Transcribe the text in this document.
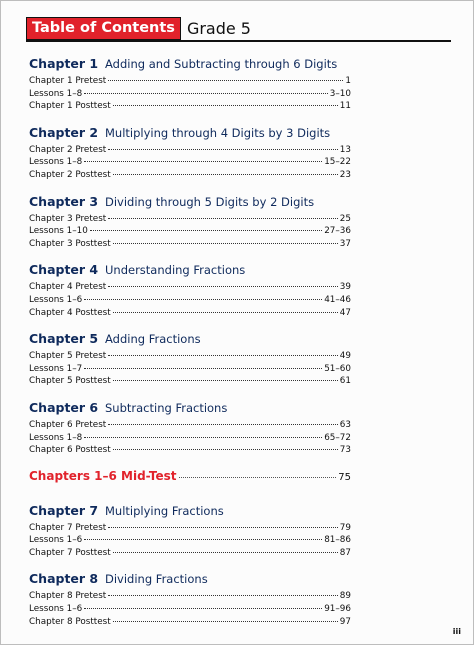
Table of Contents Grade 5
Chapter 1 Adding and Subtracting through 6 Digits
Chapter 1 Pretest	1
Lessons 1–8	3–10
Chapter 1 Posttest	11
Chapter 2 Multiplying through 4 Digits by 3 Digits
Chapter 2 Pretest	13
Lessons 1–8	15–22
Chapter 2 Posttest	23
Chapter 3 Dividing through 5 Digits by 2 Digits
Chapter 3 Pretest	25
Lessons 1–10	27–36
Chapter 3 Posttest	37
Chapter 4 Understanding Fractions
Chapter 4 Pretest	39
Lessons 1–6	41–46
Chapter 4 Posttest	47
Chapter 5 Adding Fractions
Chapter 5 Pretest	49
Lessons 1–7	51–60
Chapter 5 Posttest	61
Chapter 6 Subtracting Fractions
Chapter 6 Pretest	63
Lessons 1–8	65–72
Chapter 6 Posttest	73
Chapters 1–6 Mid-Test	75
Chapter 7 Multiplying Fractions
Chapter 7 Pretest	79
Lessons 1–6	81–86
Chapter 7 Posttest	87
Chapter 8 Dividing Fractions
Chapter 8 Pretest	89
Lessons 1–6	91–96
Chapter 8 Posttest	97
iii
